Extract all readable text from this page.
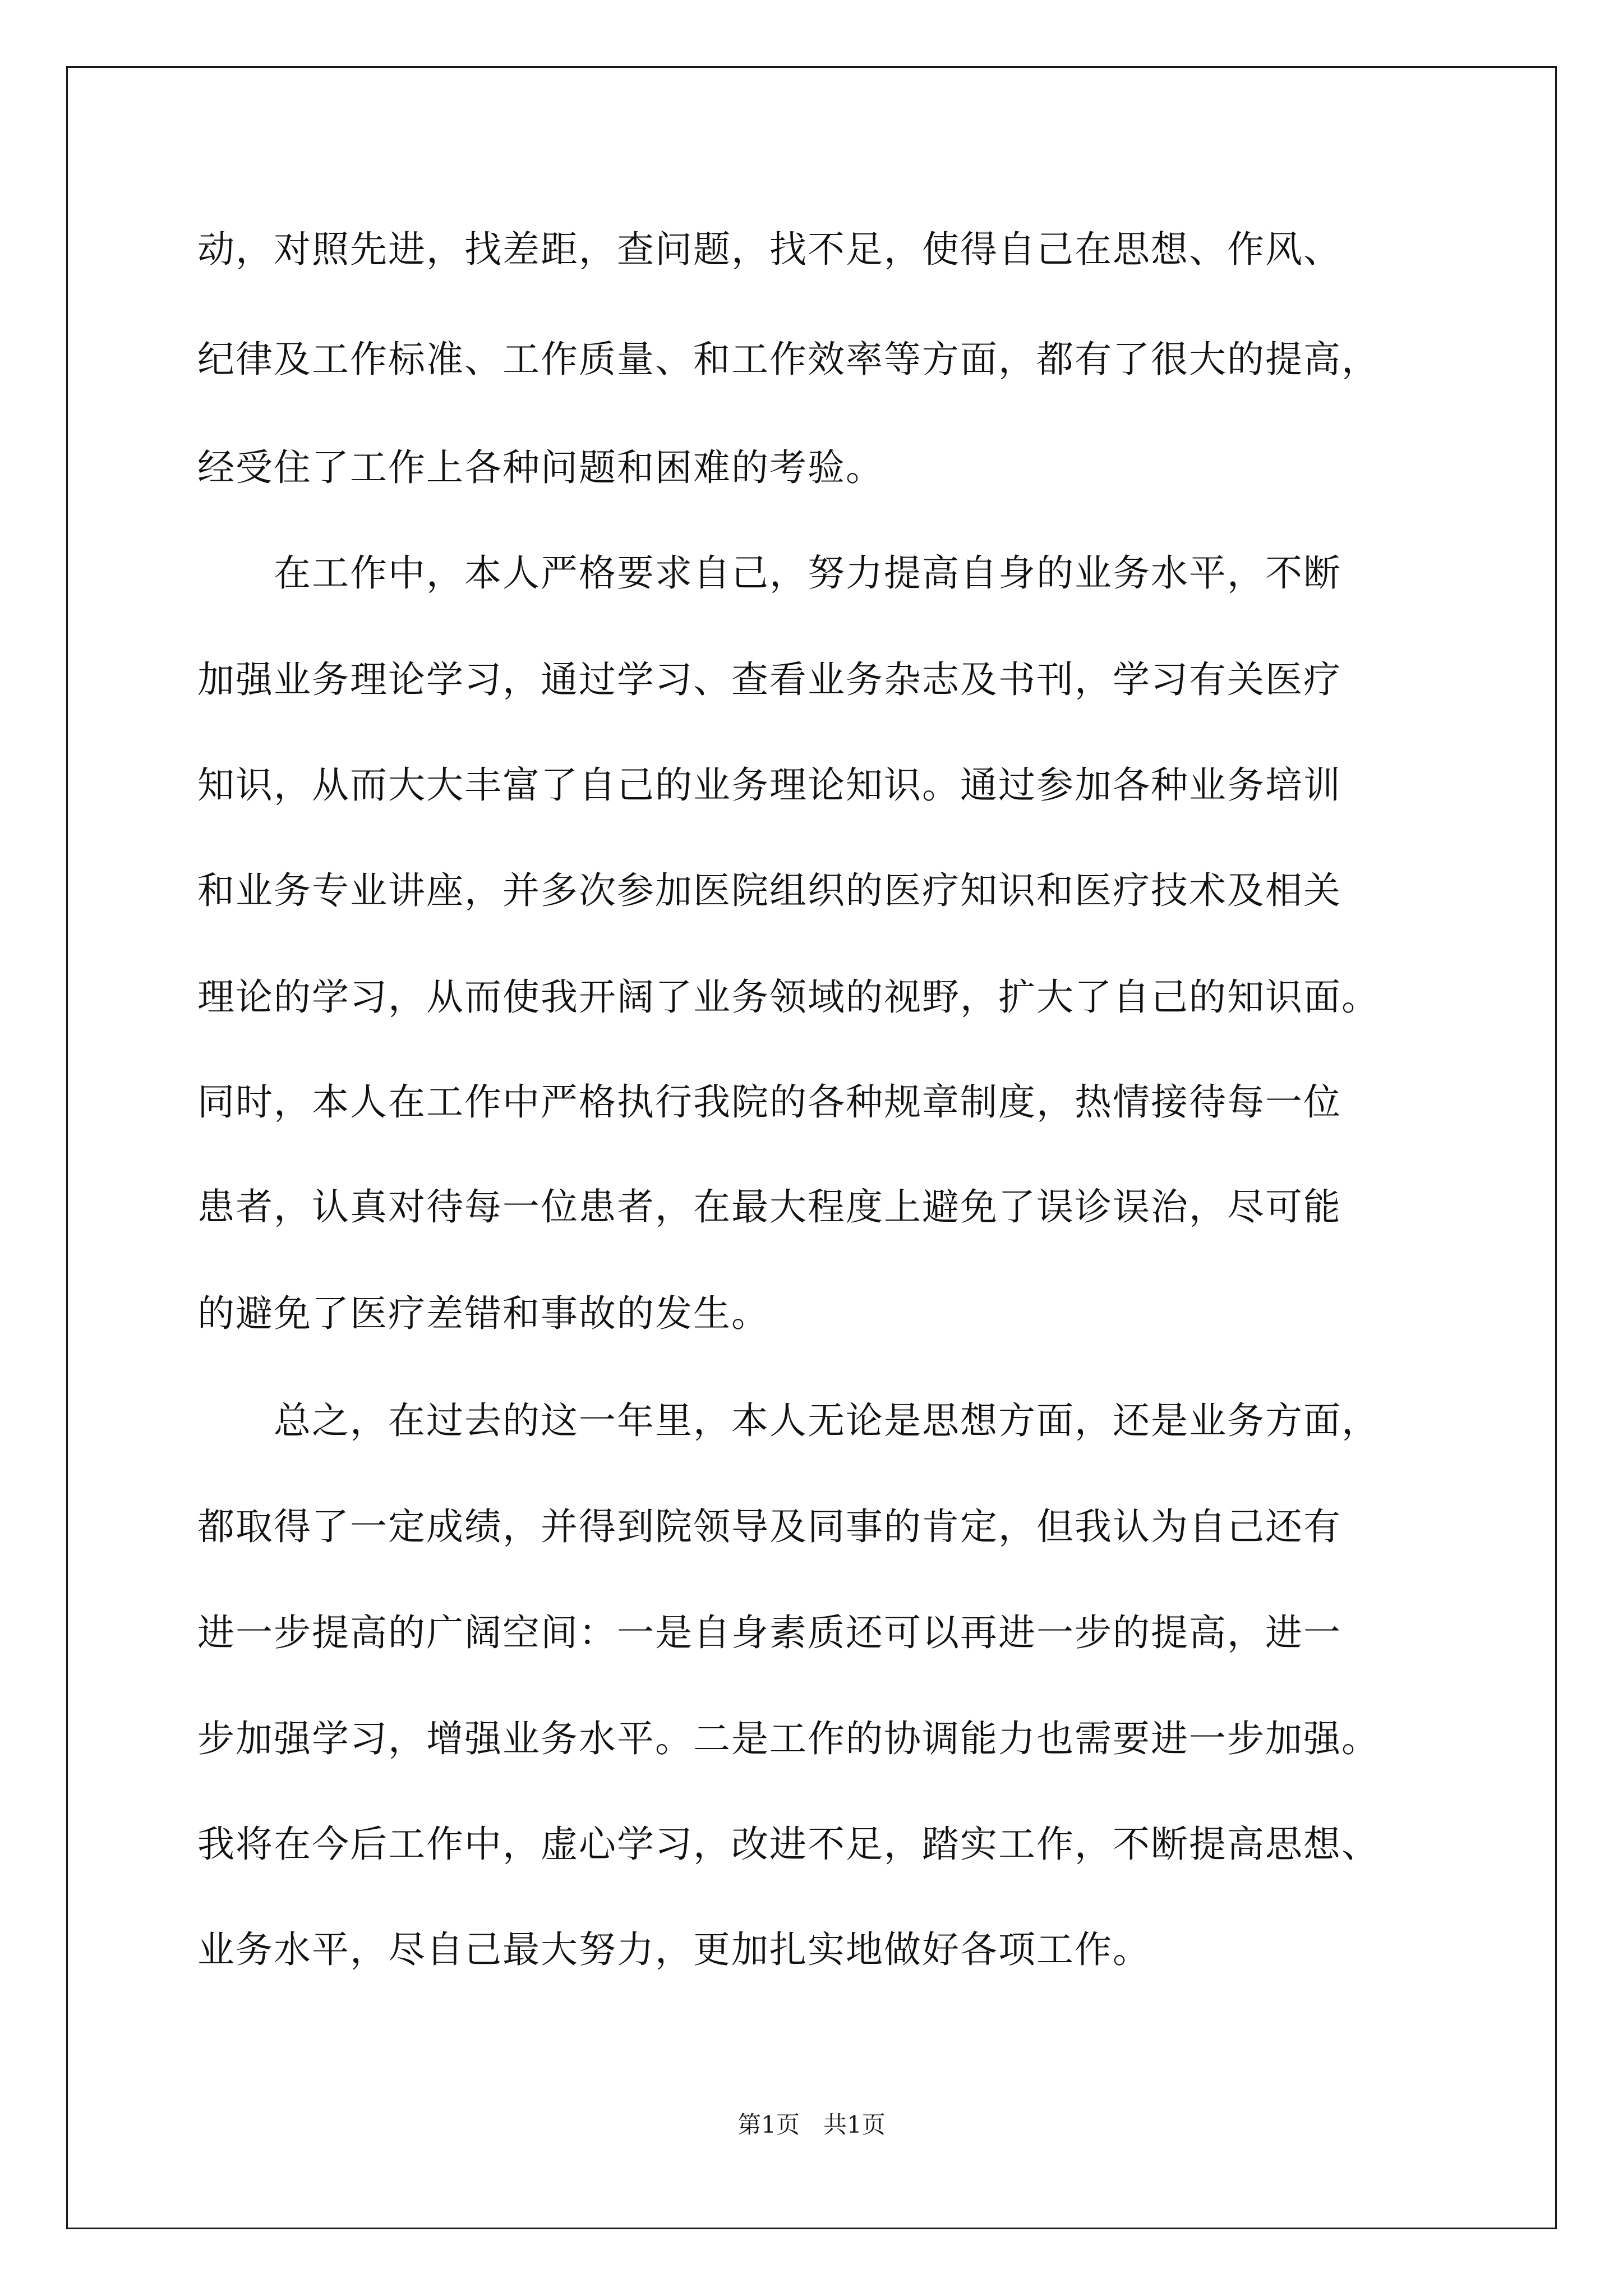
动，对照先进，找差距，查问题，找不足，使得自己在思想、作风、
纪律及工作标准、工作质量、和工作效率等方面，都有了很大的提高，
经受住了工作上各种问题和困难的考验。
　　在工作中，本人严格要求自己，努力提高自身的业务水平，不断
加强业务理论学习，通过学习、查看业务杂志及书刊，学习有关医疗
知识，从而大大丰富了自己的业务理论知识。通过参加各种业务培训
和业务专业讲座，并多次参加医院组织的医疗知识和医疗技术及相关
理论的学习，从而使我开阔了业务领域的视野，扩大了自己的知识面。
同时，本人在工作中严格执行我院的各种规章制度，热情接待每一位
患者，认真对待每一位患者，在最大程度上避免了误诊误治，尽可能
的避免了医疗差错和事故的发生。
　　总之，在过去的这一年里，本人无论是思想方面，还是业务方面，
都取得了一定成绩，并得到院领导及同事的肯定，但我认为自己还有
进一步提高的广阔空间：一是自身素质还可以再进一步的提高，进一
步加强学习，增强业务水平。二是工作的协调能力也需要进一步加强。
我将在今后工作中，虚心学习，改进不足，踏实工作，不断提高思想、
业务水平，尽自己最大努力，更加扎实地做好各项工作。
第1页　共1页
